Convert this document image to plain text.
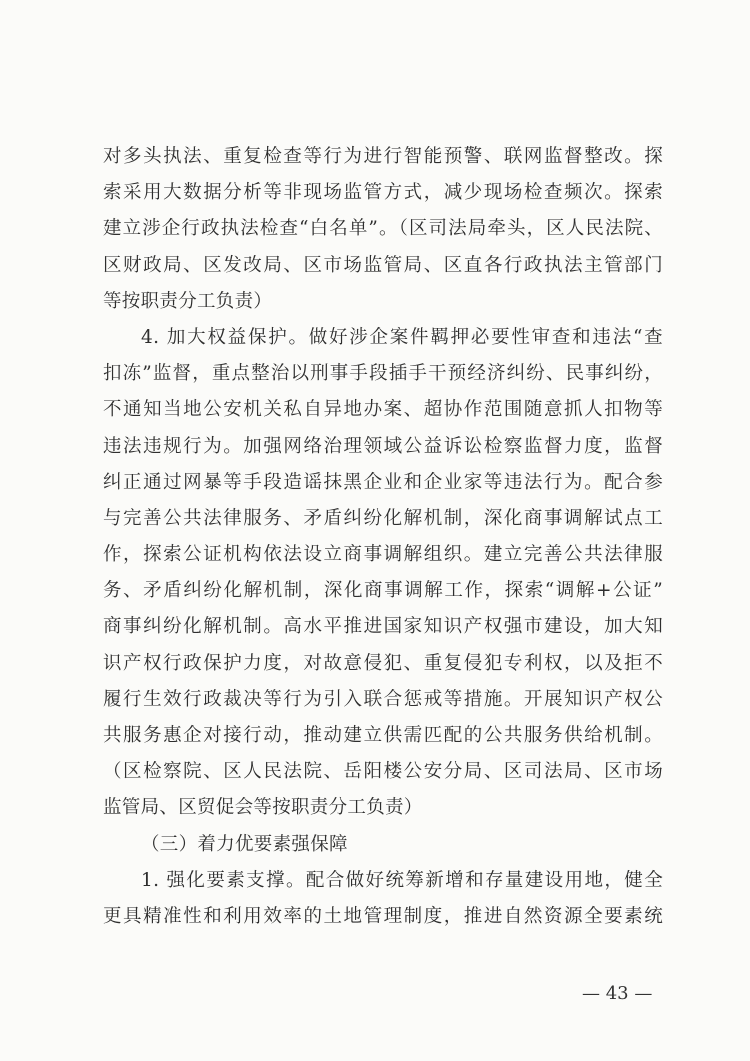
对多头执法、重复检查等行为进行智能预警、联网监督整改。探
索采用大数据分析等非现场监管方式，减少现场检查频次。探索
建立涉企行政执法检查“白名单”。（区司法局牵头，区人民法院、
区财政局、区发改局、区市场监管局、区直各行政执法主管部门
等按职责分工负责）
4. 加大权益保护。做好涉企案件羁押必要性审查和违法“查
扣冻”监督，重点整治以刑事手段插手干预经济纠纷、民事纠纷，
不通知当地公安机关私自异地办案、超协作范围随意抓人扣物等
违法违规行为。加强网络治理领域公益诉讼检察监督力度，监督
纠正通过网暴等手段造谣抹黑企业和企业家等违法行为。配合参
与完善公共法律服务、矛盾纠纷化解机制，深化商事调解试点工
作，探索公证机构依法设立商事调解组织。建立完善公共法律服
务、矛盾纠纷化解机制，深化商事调解工作，探索“调解+公证”
商事纠纷化解机制。高水平推进国家知识产权强市建设，加大知
识产权行政保护力度，对故意侵犯、重复侵犯专利权，以及拒不
履行生效行政裁决等行为引入联合惩戒等措施。开展知识产权公
共服务惠企对接行动，推动建立供需匹配的公共服务供给机制。
（区检察院、区人民法院、岳阳楼公安分局、区司法局、区市场
监管局、区贸促会等按职责分工负责）
（三）着力优要素强保障
1. 强化要素支撑。配合做好统筹新增和存量建设用地，健全
更具精准性和利用效率的土地管理制度，推进自然资源全要素统
— 43 —
